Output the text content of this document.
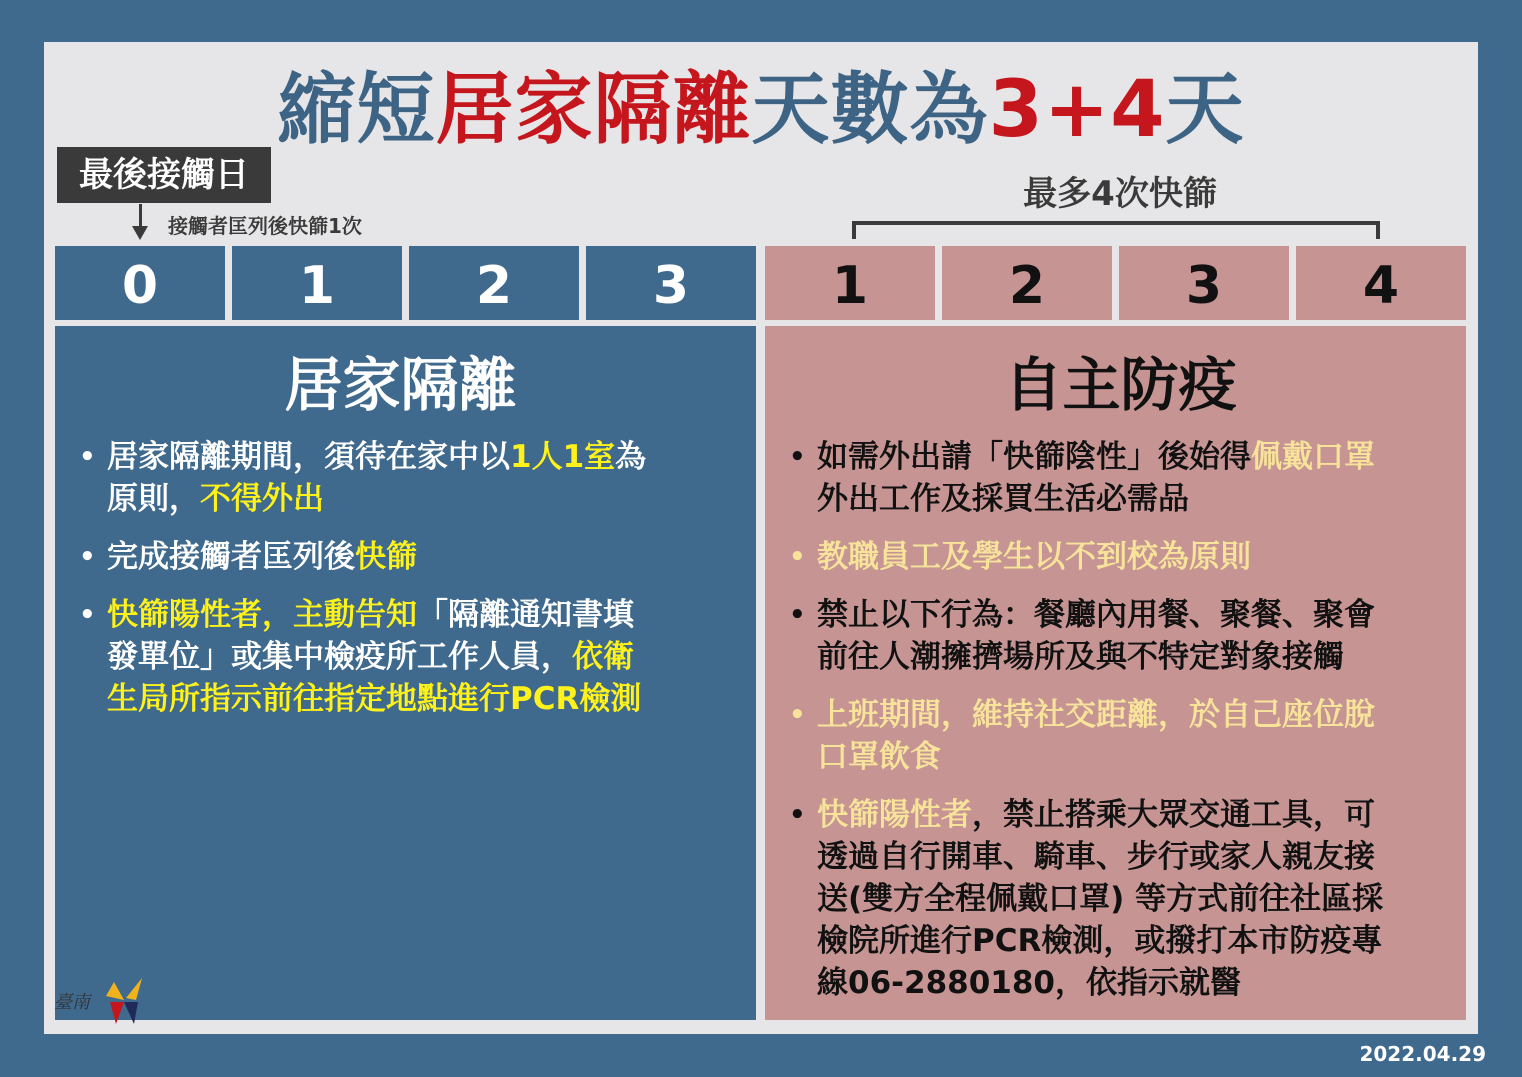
縮短居家隔離天數為3+4天
最後接觸日
接觸者匡列後快篩1次
最多4次快篩
0	1	2	3	1	2	3	4
居家隔離
• 居家隔離期間，須待在家中以1人1室為
原則，不得外出
• 完成接觸者匡列後快篩
• 快篩陽性者，主動告知「隔離通知書填
發單位」或集中檢疫所工作人員，依衛
生局所指示前往指定地點進行PCR檢測
自主防疫
• 如需外出請「快篩陰性」後始得佩戴口罩
外出工作及採買生活必需品
• 教職員工及學生以不到校為原則
• 禁止以下行為：餐廳內用餐、聚餐、聚會
前往人潮擁擠場所及與不特定對象接觸
• 上班期間，維持社交距離，於自己座位脫
口罩飲食
• 快篩陽性者，禁止搭乘大眾交通工具，可
透過自行開車、騎車、步行或家人親友接
送(雙方全程佩戴口罩) 等方式前往社區採
檢院所進行PCR檢測，或撥打本市防疫專
線06-2880180，依指示就醫
臺南
2022.04.29
